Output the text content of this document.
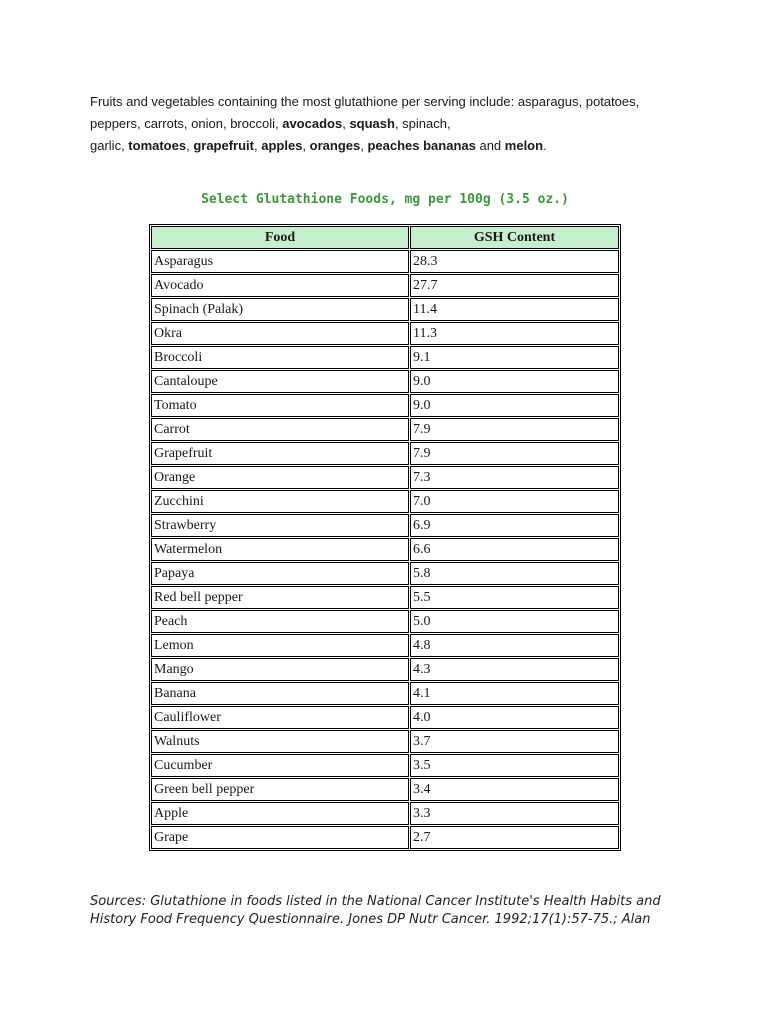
Fruits and vegetables containing the most glutathione per serving include: asparagus, potatoes, peppers, carrots, onion, broccoli, avocados, squash, spinach,
garlic, tomatoes, grapefruit, apples, oranges, peaches bananas and melon.

Select Glutathione Foods, mg per 100g (3.5 oz.)
Food	GSH Content
Asparagus	28.3
Avocado	27.7
Spinach (Palak)	11.4
Okra	11.3
Broccoli	9.1
Cantaloupe	9.0
Tomato	9.0
Carrot	7.9
Grapefruit	7.9
Orange	7.3
Zucchini	7.0
Strawberry	6.9
Watermelon	6.6
Papaya	5.8
Red bell pepper	5.5
Peach	5.0
Lemon	4.8
Mango	4.3
Banana	4.1
Cauliflower	4.0
Walnuts	3.7
Cucumber	3.5
Green bell pepper	3.4
Apple	3.3
Grape	2.7
Sources: Glutathione in foods listed in the National Cancer Institute's Health Habits and
History Food Frequency Questionnaire. Jones DP Nutr Cancer. 1992;17(1):57-75.; Alan
